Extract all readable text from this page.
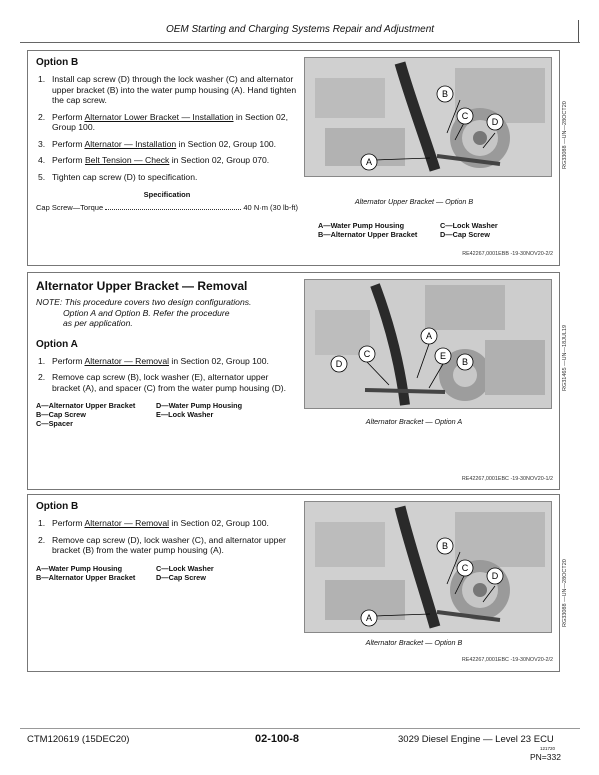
OEM Starting and Charging Systems Repair and Adjustment
Option B
1. Install cap screw (D) through the lock washer (C) and alternator upper bracket (B) into the water pump housing (A). Hand tighten the cap screw.
2. Perform Alternator Lower Bracket — Installation in Section 02, Group 100.
3. Perform Alternator — Installation in Section 02, Group 100.
4. Perform Belt Tension — Check in Section 02, Group 070.
5. Tighten cap screw (D) to specification.
Specification
Cap Screw—Torque	40 N·m (30 lb-ft)
B
C
D
A
Alternator Upper Bracket — Option B
A—Water Pump Housing
B—Alternator Upper Bracket
C—Lock Washer
D—Cap Screw
RG33088 —UN—28OCT20
RE42267,0001EBB -19-30NOV20-2/2
Alternator Upper Bracket — Removal
NOTE: This procedure covers two design configurations.
Option A and Option B. Refer the procedure
as per application.
Option A
1. Perform Alternator — Removal in Section 02, Group 100.
2. Remove cap screw (B), lock washer (E), alternator upper bracket (A), and spacer (C) from the water pump housing (D).
A—Alternator Upper Bracket
B—Cap Screw
C—Spacer
D—Water Pump Housing
E—Lock Washer
A
B
C
D
E
Alternator Bracket — Option A
RG31465 —UN—18JUL19
RE42267,0001EBC -19-30NOV20-1/2
Option B
1. Perform Alternator — Removal in Section 02, Group 100.
2. Remove cap screw (D), lock washer (C), and alternator upper bracket (B) from the water pump housing (A).
A—Water Pump Housing
B—Alternator Upper Bracket
C—Lock Washer
D—Cap Screw
B
C
D
A
Alternator Bracket — Option B
RG33088 —UN—28OCT20
RE42267,0001EBC -19-30NOV20-2/2
CTM120619 (15DEC20)	02-100-8	3029 Diesel Engine — Level 23 ECU
121720
PN=332
